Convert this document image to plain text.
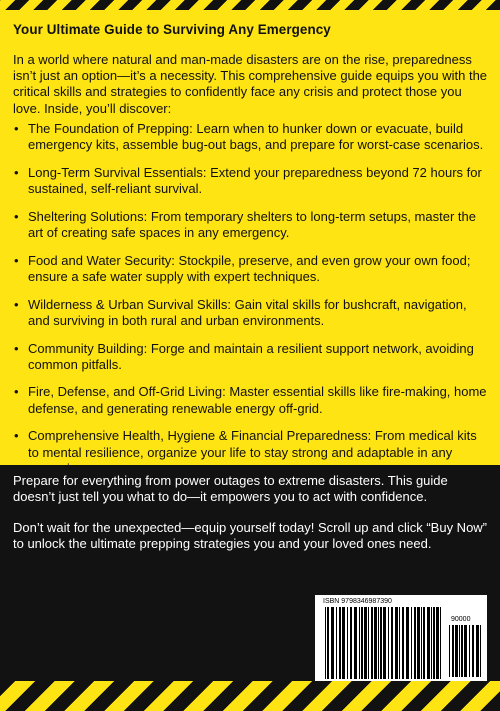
Your Ultimate Guide to Surviving Any Emergency

In a world where natural and man-made disasters are on the rise, preparedness isn’t just an option—it’s a necessity. This comprehensive guide equips you with the critical skills and strategies to confidently face any crisis and protect those you love. Inside, you’ll discover:

• The Foundation of Prepping: Learn when to hunker down or evacuate, build emergency kits, assemble bug-out bags, and prepare for worst-case scenarios.
• Long-Term Survival Essentials: Extend your preparedness beyond 72 hours for sustained, self-reliant survival.
• Sheltering Solutions: From temporary shelters to long-term setups, master the art of creating safe spaces in any emergency.
• Food and Water Security: Stockpile, preserve, and even grow your own food; ensure a safe water supply with expert techniques.
• Wilderness & Urban Survival Skills: Gain vital skills for bushcraft, navigation, and surviving in both rural and urban environments.
• Community Building: Forge and maintain a resilient support network, avoiding common pitfalls.
• Fire, Defense, and Off-Grid Living: Master essential skills like fire-making, home defense, and generating renewable energy off-grid.
• Comprehensive Health, Hygiene & Financial Preparedness: From medical kits to mental resilience, organize your life to stay strong and adaptable in any

Prepare for everything from power outages to extreme disasters. This guide doesn’t just tell you what to do—it empowers you to act with confidence.

Don’t wait for the unexpected—equip yourself today! Scroll up and click “Buy Now” to unlock the ultimate prepping strategies you and your loved ones need.

ISBN 9798346987390
90000
